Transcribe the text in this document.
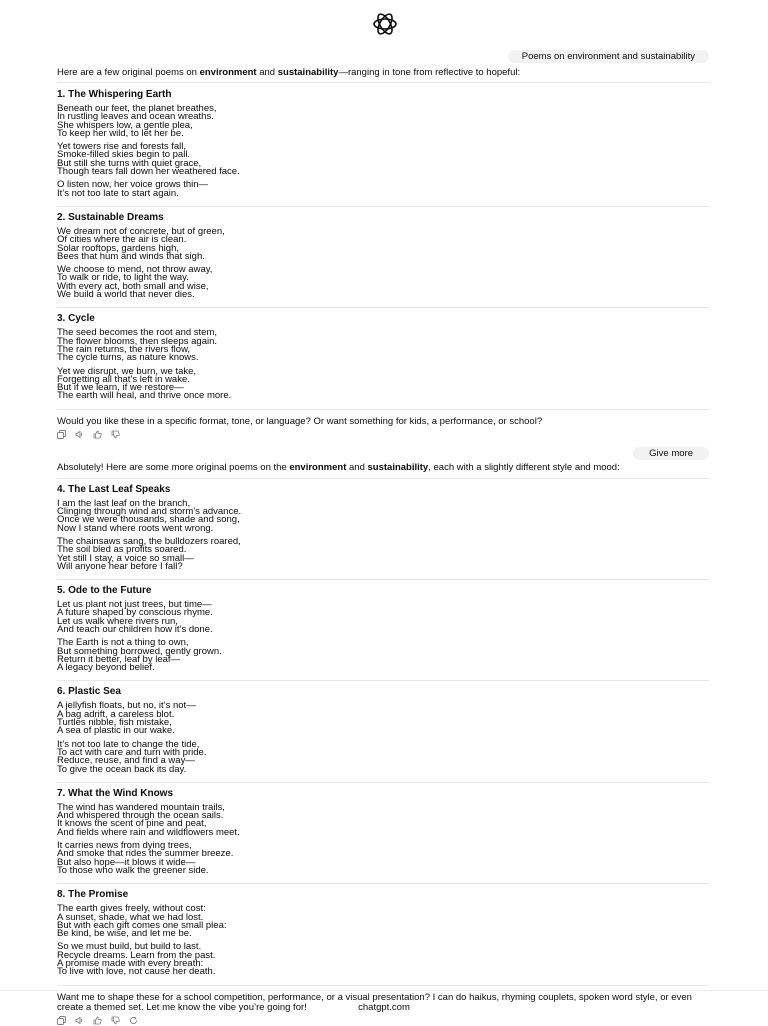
Poems on environment and sustainability

Here are a few original poems on environment and sustainability—ranging in tone from reflective to hopeful:

1. The Whispering Earth

Beneath our feet, the planet breathes,
In rustling leaves and ocean wreaths.
She whispers low, a gentle plea,
To keep her wild, to let her be.

Yet towers rise and forests fall,
Smoke-filled skies begin to pall.
But still she turns with quiet grace,
Though tears fall down her weathered face.

O listen now, her voice grows thin—
It’s not too late to start again.

2. Sustainable Dreams

We dream not of concrete, but of green,
Of cities where the air is clean.
Solar rooftops, gardens high,
Bees that hum and winds that sigh.

We choose to mend, not throw away,
To walk or ride, to light the way.
With every act, both small and wise,
We build a world that never dies.

3. Cycle

The seed becomes the root and stem,
The flower blooms, then sleeps again.
The rain returns, the rivers flow,
The cycle turns, as nature knows.

Yet we disrupt, we burn, we take,
Forgetting all that’s left in wake.
But if we learn, if we restore—
The earth will heal, and thrive once more.

Would you like these in a specific format, tone, or language? Or want something for kids, a performance, or school?

Give more

Absolutely! Here are some more original poems on the environment and sustainability, each with a slightly different style and mood:

4. The Last Leaf Speaks

I am the last leaf on the branch,
Clinging through wind and storm’s advance.
Once we were thousands, shade and song,
Now I stand where roots went wrong.

The chainsaws sang, the bulldozers roared,
The soil bled as profits soared.
Yet still I stay, a voice so small—
Will anyone hear before I fall?

5. Ode to the Future

Let us plant not just trees, but time—
A future shaped by conscious rhyme.
Let us walk where rivers run,
And teach our children how it’s done.

The Earth is not a thing to own,
But something borrowed, gently grown.
Return it better, leaf by leaf—
A legacy beyond belief.

6. Plastic Sea

A jellyfish floats, but no, it’s not—
A bag adrift, a careless blot.
Turtles nibble, fish mistake,
A sea of plastic in our wake.

It’s not too late to change the tide,
To act with care and turn with pride.
Reduce, reuse, and find a way—
To give the ocean back its day.

7. What the Wind Knows

The wind has wandered mountain trails,
And whispered through the ocean sails.
It knows the scent of pine and peat,
And fields where rain and wildflowers meet.

It carries news from dying trees,
And smoke that rides the summer breeze.
But also hope—it blows it wide—
To those who walk the greener side.

8. The Promise

The earth gives freely, without cost:
A sunset, shade, what we had lost.
But with each gift comes one small plea:
Be kind, be wise, and let me be.

So we must build, but build to last.
Recycle dreams. Learn from the past.
A promise made with every breath:
To live with love, not cause her death.

Want me to shape these for a school competition, performance, or a visual presentation? I can do haikus, rhyming couplets, spoken word style, or even create a themed set. Let me know the vibe you’re going for!	chatgpt.com
